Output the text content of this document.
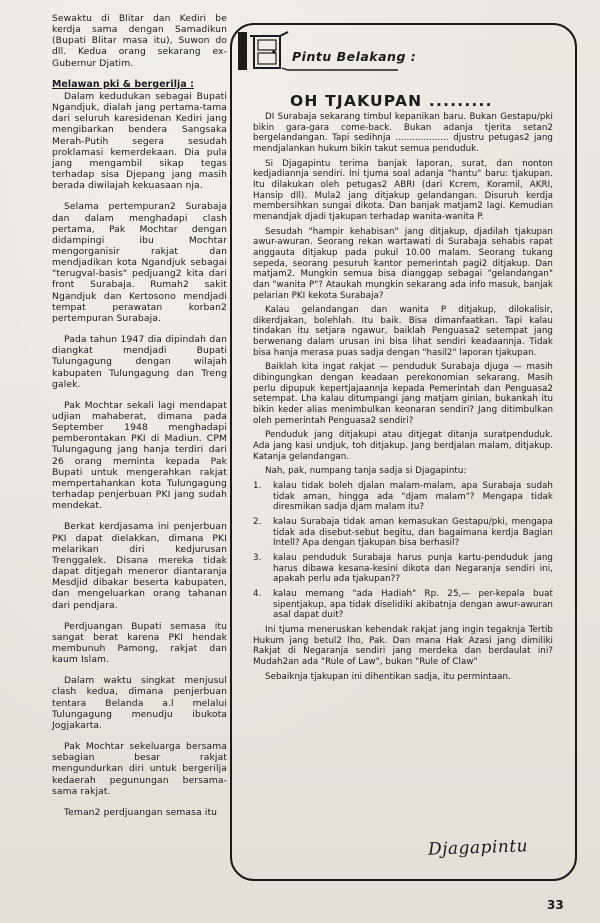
Sewaktu di Blitar dan Kediri be kerdja sama dengan Samadikun (Bupati Blitar masa itu), Suwon do dll. Kedua orang sekarang ex-Gubernur Djatim.

Melawan pki & bergerilja :

Dalam kedudukan sebagai Bupati Ngandjuk, dialah jang pertama-tama dari seluruh karesidenan Kediri jang mengibarkan bendera Sangsaka Merah-Putih segera sesudah proklamasi kemerdekaan. Dia pula jang mengambil sikap tegas terhadap sisa Djepang jang masih berada diwilajah kekuasaan nja.

Selama pertempuran2 Surabaja dan dalam menghadapi clash pertama, Pak Mochtar dengan didampingi ibu Mochtar mengorganisir rakjat dan mendjadikan kota Ngandjuk sebagai "terugval-basis" pedjuang2 kita dari front Surabaja. Rumah2 sakit Ngandjuk dan Kertosono mendjadi tempat perawatan korban2 pertempuran Surabaja.

Pada tahun 1947 dia dipindah dan diangkat mendjadi Bupati Tulungagung dengan wilajah kabupaten Tulungagung dan Treng galek.

Pak Mochtar sekali lagi mendapat udjian mahaberat, dimana pada September 1948 menghadapi pemberontakan PKI di Madiun. CPM Tulungagung jang hanja terdiri dari 26 orang meminta kepada Pak Bupati untuk mengerahkan rakjat mempertahankan kota Tulungagung terhadap penjerbuan PKI jang sudah mendekat.

Berkat kerdjasama ini penjerbuan PKI dapat dielakkan, dimana PKI melarikan diri kedjurusan Trenggalek. Disana mereka tidak dapat ditjegah meneror diantaranja Mesdjid dibakar beserta kabupaten, dan mengeluarkan orang tahanan dari pendjara.

Perdjuangan Bupati semasa itu sangat berat karena PKI hendak membunuh Pamong, rakjat dan kaum Islam.

Dalam waktu singkat menjusul clash kedua, dimana penjerbuan tentara Belanda a.l melalui Tulungagung menudju ibukota Jogjakarta.

Pak Mochtar sekeluarga bersama sebagian besar rakjat mengundurkan diri untuk bergerilja kedaerah pegunungan bersama-sama rakjat.

Teman2 perdjuangan semasa itu

Pintu Belakang :
OH TJAKUPAN .........

DI Surabaja sekarang timbul kepanikan baru. Bukan Gestapu/pki bikin gara-gara come-back. Bukan adanja tjerita setan2 bergelandangan. Tapi sedihnja ................... djustru petugas2 jang mendjalankan hukum bikin takut semua penduduk.

Si Djagapintu terima banjak laporan, surat, dan nonton kedjadiannja sendiri. Ini tjuma soal adanja "hantu" baru: tjakupan. Itu dilakukan oleh petugas2 ABRI (dari Kcrem, Koramil, AKRI, Hansip dll). Mula2 jang ditjakup gelandangan. Disuruh kerdja membersihkan sungai dikota. Dan banjak matjam2 lagi. Kemudian menandjak djadi tjakupan terhadap wanita-wanita P.

Sesudah "hampir kehabisan" jang ditjakup, djadilah tjakupan awur-awuran. Seorang rekan wartawati di Surabaja sehabis rapat anggauta ditjakup pada pukul 10.00 malam. Seorang tukang sepeda, seorang pesuruh kantor pemerintah pagi2 ditjakup. Dan matjam2. Mungkin semua bisa dianggap sebagai "gelandangan" dan "wanita P"? Ataukah mungkin sekarang ada info masuk, banjak pelarian PKI kekota Surabaja?

Kalau gelandangan dan wanita P ditjakup, dilokalisir, dikerdjakan, bolehlah. Itu baik. Bisa dimanfaatkan. Tapi kalau tindakan itu setjara ngawur, baiklah Penguasa2 setempat jang berwenang dalam urusan ini bisa lihat sendiri keadaannja. Tidak bisa hanja merasa puas sadja dengan "hasil2" laporan tjakupan.

Baiklah kita ingat rakjat — penduduk Surabaja djuga — masih dibingungkan dengan keadaan perekonomian sekarang. Masih perlu dipupuk kepertjajaannja kepada Pemerintah dan Penguasa2 setempat. Lha kalau ditumpangi jang matjam ginian, bukankah itu bikin keder alias menimbulkan keonaran sendiri? Jang ditimbulkan oleh pemerintah Penguasa2 sendiri?

Penduduk jang ditjakupi atau ditjegat ditanja suratpenduduk. Ada jang kasi undjuk, toh ditjakup. Jang berdjalan malam, ditjakup. Katanja gelandangan.

Nah, pak, numpang tanja sadja si Djagapintu:

1. kalau tidak boleh djalan malam-malam, apa Surabaja sudah tidak aman, hingga ada "djam malam"? Mengapa tidak diresmikan sadja djam malam itu?
2. kalau Surabaja tidak aman kemasukan Gestapu/pki, mengapa tidak ada disebut-sebut begitu, dan bagaimana kerdja Bagian Intell? Apa dengan tjakupan bisa berhasil?
3. kalau penduduk Surabaja harus punja kartu-penduduk jang harus dibawa kesana-kesini dikota dan Negaranja sendiri ini, apakah perlu ada tjakupan??
4. kalau memang "ada Hadiah" Rp. 25,— per-kepala buat sipentjakup, apa tidak diselidiki akibatnja dengan awur-awuran asal dapat duit?

Ini tjuma meneruskan kehendak rakjat jang ingin tegaknja Tertib Hukum jang betul2 lho, Pak. Dan mana Hak Azasi jang dimiliki Rakjat di Negaranja sendiri jang merdeka dan berdaulat ini? Mudah2an ada "Rule of Law", bukan "Rule of Claw"

Sebaiknja tjakupan ini dihentikan sadja, itu permintaan.

Djagapintu
33
